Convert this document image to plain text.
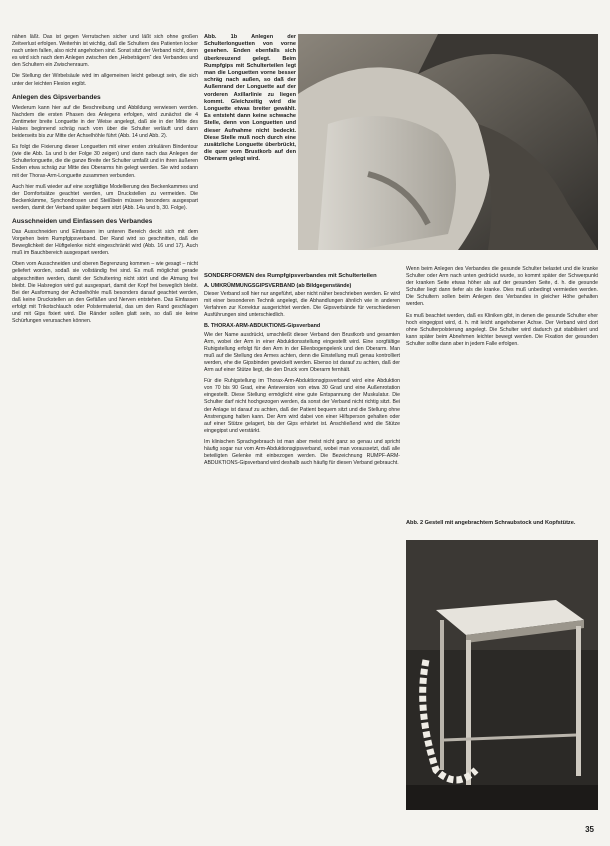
nähen läßt. Das ist gegen Verrutschen sicher und läßt sich ohne großen Zeitverlust erfolgen. Weiterhin ist wichtig, daß die Schultern des Patienten locker nach unten fallen, also nicht angehoben sind. Sonst sitzt der Verband nicht, denn es wird sich nach dem Anlegen zwischen den „Hebeträgern“ des Verbandes und den Schultern ein Zwischenraum.

Die Stellung der Wirbelsäule wird im allgemeinen leicht gebeugt sein, die sich unter der leichten Flexion ergibt.

Anlegen des Gipsverbandes

Wiederum kann hier auf die Beschreibung und Abbildung verwiesen werden. Nachdem die ersten Phasen des Anlegens erfolgen, wird zunächst die 4 Zentimeter breite Longuette in der Weise angelegt, daß sie in der Mitte des Halses beginnend schräg nach vorn über die Schulter verläuft und dann beiderseits bis zur Mitte der Achselhöhle führt (Abb. 14 und Abb. 2).

Es folgt die Fixierung dieser Longuetten mit einer ersten zirkulären Bindentour (wie die Abb. 1a und b der Folge 30 zeigen) und dann nach das Anlegen der Schulterlonguette, die die ganze Breite der Schulter umfaßt und in ihren äußeren Enden etwa schräg zur Mitte des Oberarms hin gelegt werden. Sie wird sodann mit der Thorax-Arm-Longuette zusammen verbunden.

Auch hier muß wieder auf eine sorgfältige Modellierung des Beckenkammes und der Dornfortsätze geachtet werden, um Druckstellen zu vermeiden. Die Beckenkämme, Synchondrosen und Steißbein müssen besonders ausgespart werden, damit der Verband später bequem sitzt (Abb. 14a und b, 30. Folge).

Ausschneiden und Einfassen des Verbandes

Das Ausschneiden und Einfassen im unteren Bereich deckt sich mit dem Vorgehen beim Rumpfgipsverband. Der Rand wird so geschnitten, daß die Beweglichkeit der Hüftgelenke nicht eingeschränkt wird (Abb. 16 und 17). Auch muß im Bauchbereich ausgespart werden.

Oben vorn Ausschneiden und oberen Begrenzung kommen – wie gesagt – nicht geliefert worden, sodaß sie vollständig frei sind. Es muß möglichst gerade abgeschnitten werden, damit der Schulterring nicht stört und die Atmung frei bleibt. Die Halsregion wird gut ausgespart, damit der Kopf frei beweglich bleibt. Bei der Ausformung der Achselhöhle muß besonders darauf geachtet werden, daß keine Druckstellen an den Gefäßen und Nerven entstehen. Das Einfassen erfolgt mit Trikotschlauch oder Polstermaterial, das um den Rand geschlagen und mit Gips fixiert wird. Die Ränder sollen glatt sein, so daß sie keine Schürfungen verursachen können.

Abb. 1b Anlegen der Schulterlonguetten von vorne gesehen. Enden ebenfalls sich überkreuzend gelegt. Beim Rumpfgips mit Schulterteilen legt man die Longuetten vorne besser schräg nach außen, so daß der Außenrand der Longuette auf der vorderen Axillarlinie zu liegen kommt. Gleichzeitig wird die Longuette etwas breiter gewählt. Es entsteht dann keine schwache Stelle, denn von Longuetten und dieser Aufnahme nicht bedeckt. Diese Stelle muß noch durch eine zusätzliche Longuette überbrückt, die quer vom Brustkorb auf den Oberarm gelegt wird.
SONDERFORMEN des Rumpfgipsverbandes mit Schulterteilen
A. UMKRÜMMUNGSGIPSVERBAND (ab Bildgegenstände)

Dieser Verband soll hier nur angeführt, aber nicht näher beschrieben werden. Er wird mit einer besonderen Technik angelegt, die Abhandlungen ähnlich wie in anderen Verfahren zur Korrektur ausgerichtet werden. Die Gipsverbände für verschiedenen Ausführungen sind unterschiedlich.

B. THORAX-ARM-ABDUKTIONS-Gipsverband

Wie der Name ausdrückt, umschließt dieser Verband den Brustkorb und gesamten Arm, wobei der Arm in einer Abduktionsstellung eingestellt wird. Eine sorgfältige Ruhigstellung erfolgt für den Arm in der Ellenbogengelenk und den Oberarm. Man muß auf die Stellung des Armes achten, denn die Einstellung muß genau kontrolliert werden, ehe die Gipsbinden gewickelt werden. Ebenso ist darauf zu achten, daß der Arm auf einer Stütze liegt, die den Druck vom Oberarm fernhält.

Für die Ruhigstellung im Thorax-Arm-Abduktionsgipsverband wird eine Abduktion von 70 bis 90 Grad, eine Anteversion von etwa 30 Grad und eine Außenrotation eingestellt. Diese Stellung ermöglicht eine gute Entspannung der Muskulatur. Die Schulter darf nicht hochgezogen werden, da sonst der Verband nicht richtig sitzt. Bei der Anlage ist darauf zu achten, daß der Patient bequem sitzt und die Stellung ohne Anstrengung halten kann. Der Arm wird dabei von einer Hilfsperson gehalten oder auf einer Stütze gelagert, bis der Gips erhärtet ist. Anschließend wird die Stütze eingegipst und verstärkt.

Im klinischen Sprachgebrauch ist man aber meist nicht ganz so genau und spricht häufig sogar nur vom Arm-Abduktionsgipsverband, wobei man voraussetzt, daß alle beteiligten Gelenke mit einbezogen werden. Die Bezeichnung RUMPF-ARM-ABDUKTIONS-Gipsverband wird deshalb auch häufig für diesen Verband gebraucht.

Wenn beim Anlegen des Verbandes die gesunde Schulter belastet und die kranke Schulter oder Arm nach unten gedrückt wurde, so kommt später der Schwerpunkt der kranken Seite etwas höher als auf der gesunden Seite, d. h. die gesunde Schulter liegt dann tiefer als die kranke. Dies muß unbedingt vermieden werden. Die Schultern sollen beim Anlegen des Verbandes in gleicher Höhe gehalten werden.

Es muß beachtet werden, daß es Kliniken gibt, in denen die gesunde Schulter eher hoch eingegipst wird, d. h. mit leicht angehobener Achse. Der Verband wird dort ohne Schulterpolsterung angelegt. Die Schulter wird dadurch gut stabilisiert und kann später beim Abnehmen leichter bewegt werden. Die Fixation der gesunden Schulter sollte dann aber in jedem Falle erfolgen.

Abb. 2 Gestell mit angebrachtem Schraubstock und Kopfstütze.
35
